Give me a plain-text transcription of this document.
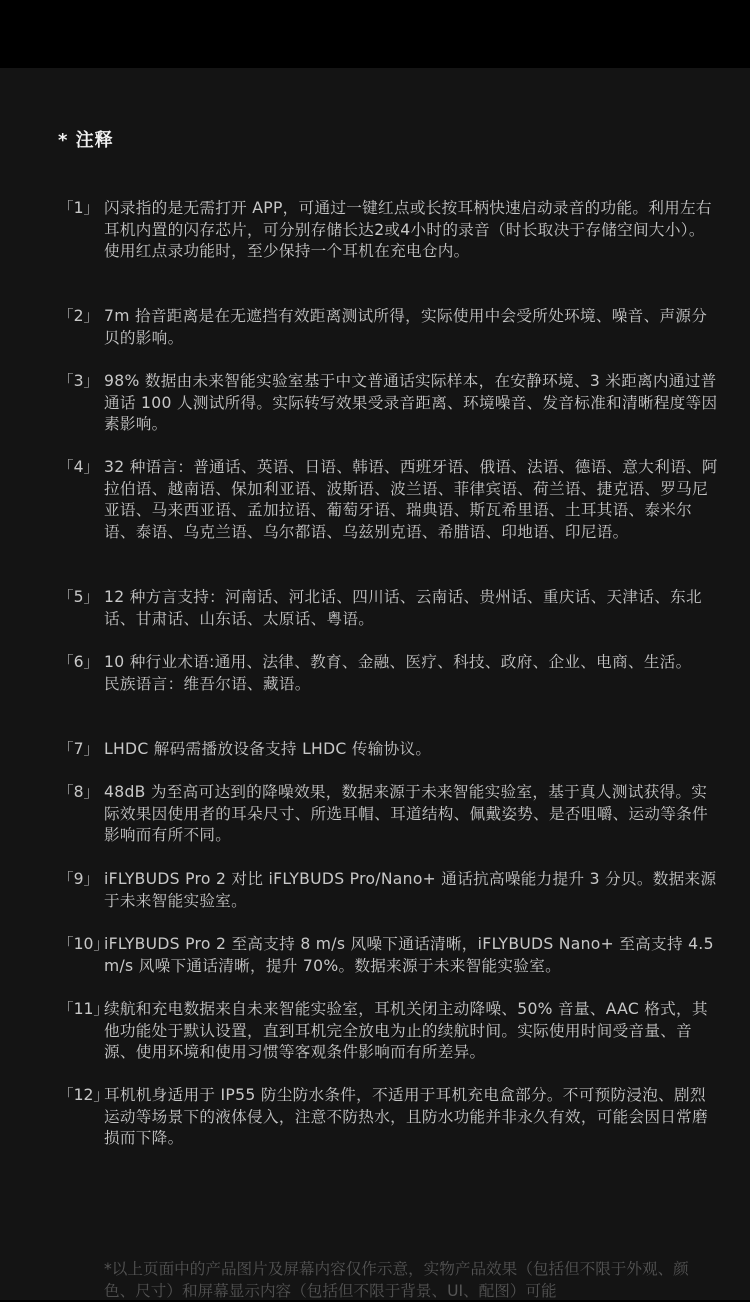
* 注释
「1」 闪录指的是无需打开 APP，可通过一键红点或长按耳柄快速启动录音的功能。利用左右耳机内置的闪存芯片，可分别存储长达2或4小时的录音（时长取决于存储空间大小）。使用红点录功能时，至少保持一个耳机在充电仓内。
「2」 7m 拾音距离是在无遮挡有效距离测试所得，实际使用中会受所处环境、噪音、声源分贝的影响。
「3」 98% 数据由未来智能实验室基于中文普通话实际样本，在安静环境、3 米距离内通过普通话 100 人测试所得。实际转写效果受录音距离、环境噪音、发音标准和清晰程度等因素影响。
「4」 32 种语言：普通话、英语、日语、韩语、西班牙语、俄语、法语、德语、意大利语、阿拉伯语、越南语、保加利亚语、波斯语、波兰语、菲律宾语、荷兰语、捷克语、罗马尼亚语、马来西亚语、孟加拉语、葡萄牙语、瑞典语、斯瓦希里语、土耳其语、泰米尔语、泰语、乌克兰语、乌尔都语、乌兹别克语、希腊语、印地语、印尼语。
「5」 12 种方言支持：河南话、河北话、四川话、云南话、贵州话、重庆话、天津话、东北话、甘肃话、山东话、太原话、粤语。
「6」 10 种行业术语:通用、法律、教育、金融、医疗、科技、政府、企业、电商、生活。
民族语言：维吾尔语、藏语。
「7」 LHDC 解码需播放设备支持 LHDC 传输协议。
「8」 48dB 为至高可达到的降噪效果，数据来源于未来智能实验室，基于真人测试获得。实际效果因使用者的耳朵尺寸、所选耳帽、耳道结构、佩戴姿势、是否咀嚼、运动等条件影响而有所不同。
「9」 iFLYBUDS Pro 2 对比 iFLYBUDS Pro/Nano+ 通话抗高噪能力提升 3 分贝。数据来源于未来智能实验室。
「10」
iFLYBUDS Pro 2 至高支持 8 m/s 风噪下通话清晰，iFLYBUDS Nano+ 至高支持 4.5 m/s 风噪下通话清晰，提升 70%。数据来源于未来智能实验室。
「11」
续航和充电数据来自未来智能实验室，耳机关闭主动降噪、50% 音量、AAC 格式，其他功能处于默认设置，直到耳机完全放电为止的续航时间。实际使用时间受音量、音源、使用环境和使用习惯等客观条件影响而有所差异。
「12」
耳机机身适用于 IP55 防尘防水条件，不适用于耳机充电盒部分。不可预防浸泡、剧烈运动等场景下的液体侵入，注意不防热水，且防水功能并非永久有效，可能会因日常磨损而下降。
*以上页面中的产品图片及屏幕内容仅作示意，实物产品效果（包括但不限于外观、颜色、尺寸）和屏幕显示内容（包括但不限于背景、UI、配图）可能
